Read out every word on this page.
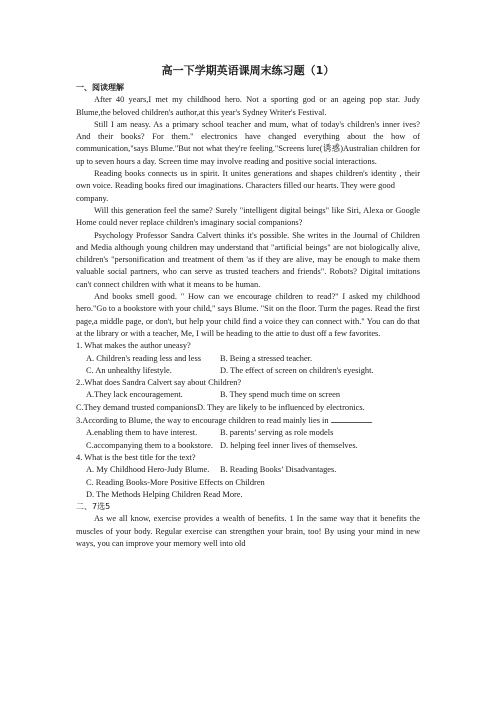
高一下学期英语课周末练习题（1）
一、阅读理解

After 40 years,I met my childhood hero. Not a sporting god or an ageing pop star. Judy Blume,the beloved children's author,at this year's Sydney Writer's Festival.

Still I am neasy. As a primary school teacher and mum, what of today's children's inner ives? And their books? For them." electronics have changed everything about the how of communication,"says Blume."But not what they're feeling."Screens lure(诱惑)Australian children for up to seven hours a day. Screen time may involve reading and positive social interactions.

Reading books connects us in spirit. It unites generations and shapes children's identity , their own voice. Reading books fired our imaginations. Characters filled our hearts. They were good

company.

Will this generation feel the same? Surely "intelligent digital beings" like Siri, Alexa or Google Home could never replace children's imaginary social companions?

Psychology Professor Sandra Calvert thinks it's possible. She writes in the Journal of Children and Media although young children may understand that "artificial beings" are not biologically alive, children's "personification and treatment of them 'as if they are alive, may be enough to make them valuable social partners, who can serve as trusted teachers and friends". Robots? Digital imitations can't connect children with what it means to be human.

And books smell good. " How can we encourage children to read?" I asked my childhood hero."Go to a bookstore with your child," says Blume. "Sit on the floor. Turm the pages. Read the first page,a middle page, or don't, but help your child find a voice they can connect with." You can do that at the library or with a teacher, Me, I will be heading to the attie to dust off a few favorites.

1. What makes the author uneasy?
A. Children's reading less and less	B. Being a stressed teacher.
C. An unhealthy lifestyle.	D. The effect of screen on children's eyesight.
2..What does Sandra Calvert say about Children?
A.They lack encouragement.	B. They spend much time on screen
C.They demand trusted companionsD. They are likely to be influenced by electronics.
3.According to Blume, the way to encourage children to read mainly lies in	.
A.enabling them to have interest.	B. parents’ serving as role models
C.accompanying them to a bookstore. D. helping feel inner lives of themselves.
4. What is the best title for the text?
A. My Childhood Hero-Judy Blume.	B. Reading Books’ Disadvantages.
C. Reading Books-More Positive Effects on Children
D. The Methods Helping Children Read More.
二、7选5

As we all know, exercise provides a wealth of benefits. 1 In the same way that it benefits the muscles of your body. Regular exercise can strengthen your brain, too! By using your mind in new ways, you can improve your memory well into old
